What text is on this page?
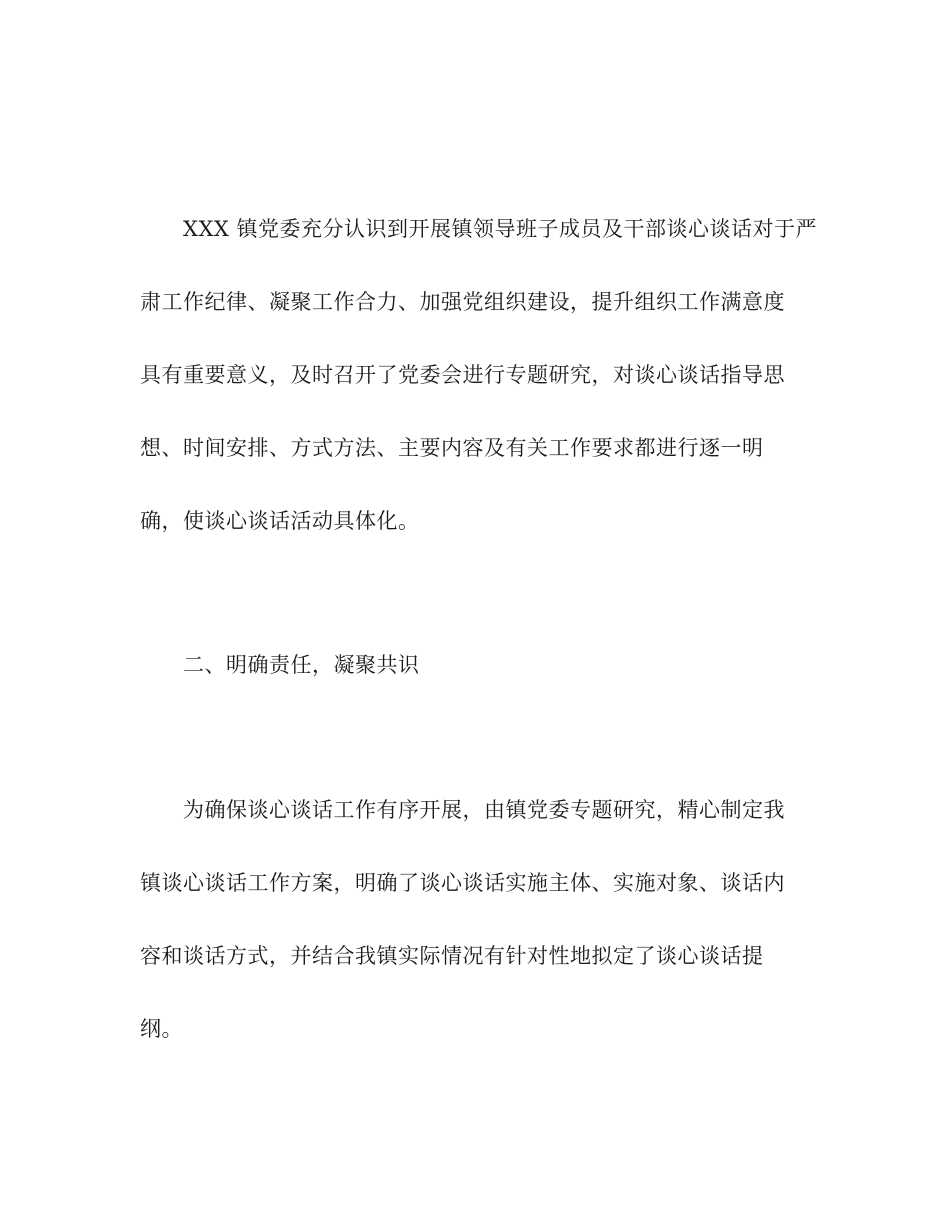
XXX 镇党委充分认识到开展镇领导班子成员及干部谈心谈话对于严
肃工作纪律、凝聚工作合力、加强党组织建设，提升组织工作满意度
具有重要意义，及时召开了党委会进行专题研究，对谈心谈话指导思
想、时间安排、方式方法、主要内容及有关工作要求都进行逐一明
确，使谈心谈话活动具体化。
二、明确责任，凝聚共识
为确保谈心谈话工作有序开展，由镇党委专题研究，精心制定我
镇谈心谈话工作方案，明确了谈心谈话实施主体、实施对象、谈话内
容和谈话方式，并结合我镇实际情况有针对性地拟定了谈心谈话提
纲。
